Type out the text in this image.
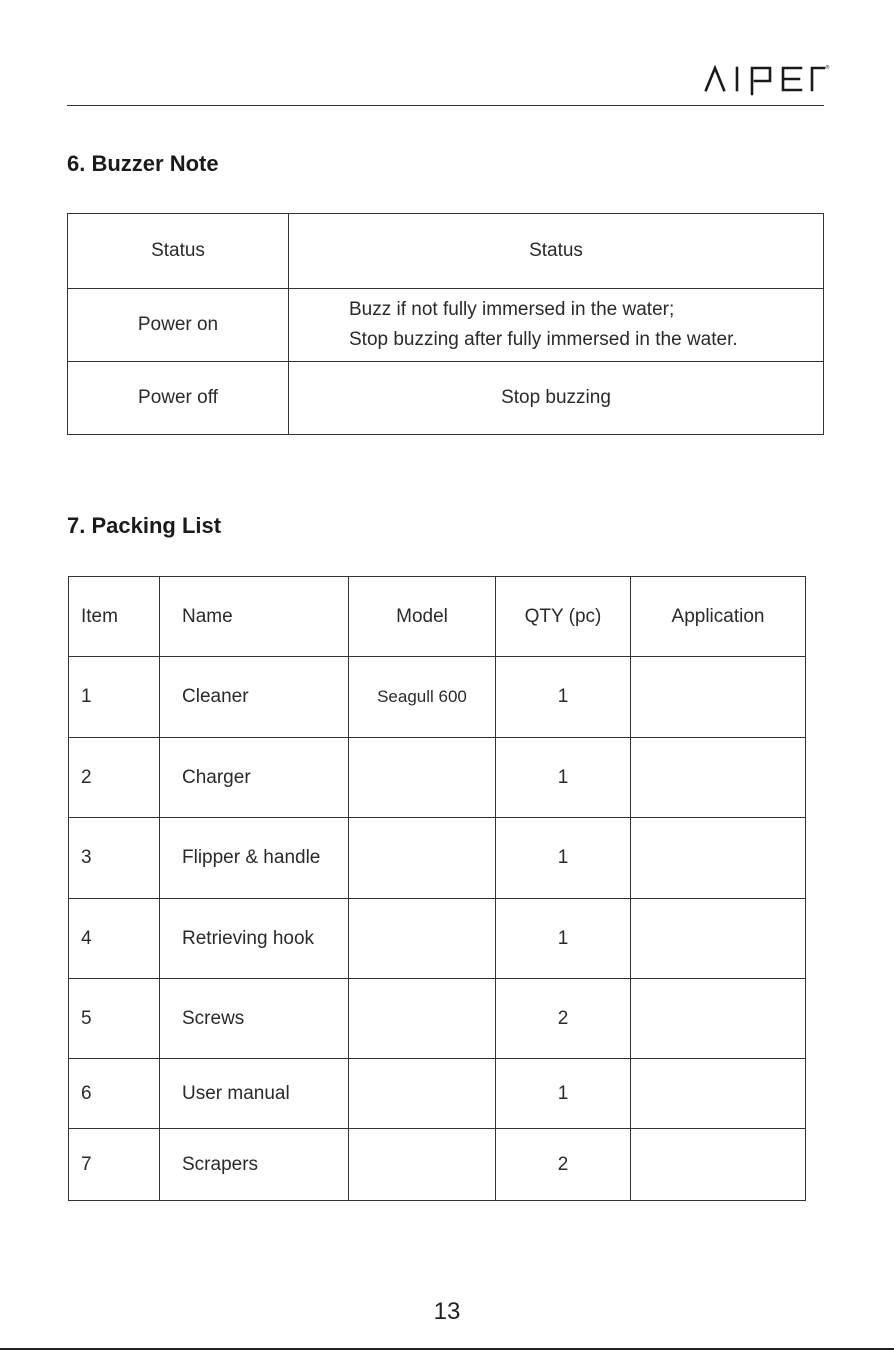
®
6. Buzzer Note
Status	Status
Power on	Buzz if not fully immersed in the water;
Stop buzzing after fully immersed in the water.

Power off	Stop buzzing
7. Packing List
Item	Name	Model	QTY (pc)	Application
1	Cleaner	Seagull 600	1	
2	Charger		1	
3	Flipper & handle		1	
4	Retrieving hook		1	
5	Screws		2	
6	User manual		1	
7	Scrapers		2	
13
